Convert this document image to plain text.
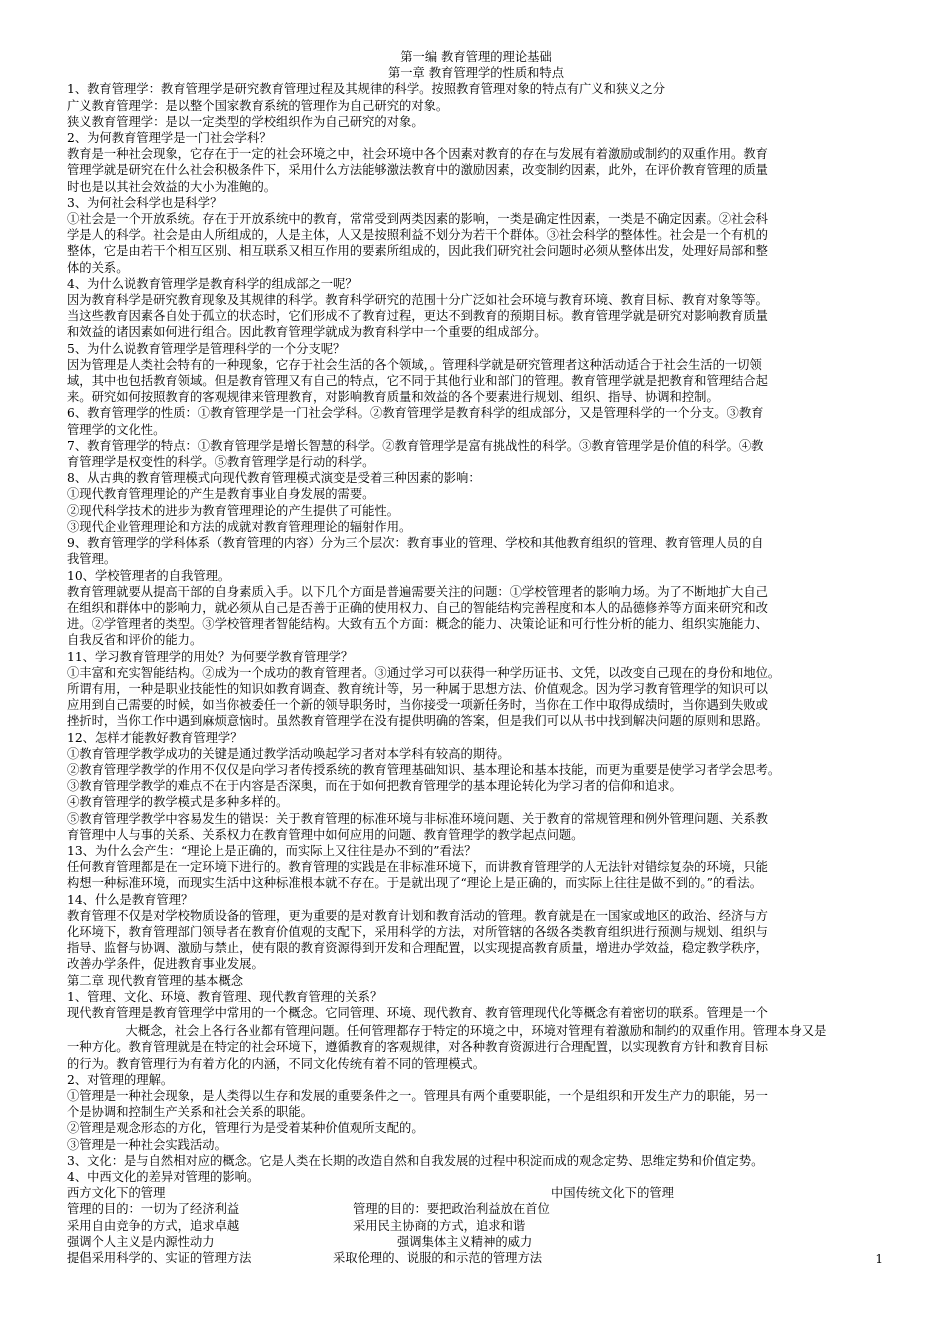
第一编 教育管理的理论基础
第一章 教育管理学的性质和特点
1、教育管理学：教育管理学是研究教育管理过程及其规律的科学。按照教育管理对象的特点有广义和狭义之分
广义教育管理学：是以整个国家教育系统的管理作为自己研究的对象。
狭义教育管理学：是以一定类型的学校组织作为自己研究的对象。
2、为何教育管理学是一门社会学科？
教育是一种社会现象，它存在于一定的社会环境之中，社会环境中各个因素对教育的存在与发展有着激励或制约的双重作用。教育
管理学就是研究在什么社会积极条件下，采用什么方法能够激法教育中的激励因素，改变制约因素，此外，在评价教育管理的质量
时也是以其社会效益的大小为准鲍的。
3、为何社会科学也是科学？
①社会是一个开放系统。存在于开放系统中的教育，常常受到两类因素的影响，一类是确定性因素，一类是不确定因素。②社会科
学是人的科学。社会是由人所组成的，人是主体，人又是按照利益不划分为若干个群体。③社会科学的整体性。社会是一个有机的
整体，它是由若干个相互区别、相互联系又相互作用的要素所组成的，因此我们研究社会问题时必须从整体出发，处理好局部和整
体的关系。
4、为什么说教育管理学是教育科学的组成部之一呢？
因为教育科学是研究教育现象及其规律的科学。教育科学研究的范围十分广泛如社会环境与教育环境、教育目标、教育对象等等。
当这些教育因素各自处于孤立的状态时，它们形成不了教育过程，更达不到教育的预期目标。教育管理学就是研究对影响教育质量
和效益的诸因素如何进行组合。因此教育管理学就成为教育科学中一个重要的组成部分。
5、为什么说教育管理学是管理科学的一个分支呢？
因为管理是人类社会特有的一种现象，它存于社会生活的各个领域，。管理科学就是研究管理者这种活动适合于社会生活的一切领
域，其中也包括教育领域。但是教育管理又有自己的特点，它不同于其他行业和部门的管理。教育管理学就是把教育和管理结合起
来。研究如何按照教育的客观规律来管理教育，对影响教育质量和效益的各个要素进行规划、组织、指导、协调和控制。
6、教育管理学的性质：①教育管理学是一门社会学科。②教育管理学是教育科学的组成部分，又是管理科学的一个分支。③教育
管理学的文化性。
7、教育管理学的特点：①教育管理学是增长智慧的科学。②教育管理学是富有挑战性的科学。③教育管理学是价值的科学。④教
育管理学是权变性的科学。⑤教育管理学是行动的科学。
8、从古典的教育管理模式向现代教育管理模式演变是受着三种因素的影响：
①现代教育管理理论的产生是教育事业自身发展的需要。
②现代科学技术的进步为教育管理理论的产生提供了可能性。
③现代企业管理理论和方法的成就对教育管理理论的辐射作用。
9、教育管理学的学科体系（教育管理的内容）分为三个层次：教育事业的管理、学校和其他教育组织的管理、教育管理人员的自
我管理。
10、学校管理者的自我管理。
教育管理就要从提高干部的自身素质入手。以下几个方面是普遍需要关注的问题：①学校管理者的影响力场。为了不断地扩大自己
在组织和群体中的影响力，就必须从自己是否善于正确的使用权力、自己的智能结构完善程度和本人的品德修养等方面来研究和改
进。②学管理者的类型。③学校管理者智能结构。大致有五个方面：概念的能力、决策论证和可行性分析的能力、组织实施能力、
自我反省和评价的能力。
11、学习教育管理学的用处？为何要学教育管理学？
①丰富和充实智能结构。②成为一个成功的教育管理者。③通过学习可以获得一种学历证书、文凭，以改变自己现在的身份和地位。
所谓有用，一种是职业技能性的知识如教育调查、教育统计等，另一种属于思想方法、价值观念。因为学习教育管理学的知识可以
应用到自己需要的时候，如当你被委任一个新的领导职务时，当你接受一项新任务时，当你在工作中取得成绩时，当你遇到失败或
挫折时，当你工作中遇到麻烦意恼时。虽然教育管理学在没有提供明确的答案，但是我们可以从书中找到解决问题的原则和思路。
12、怎样才能教好教育管理学？
①教育管理学教学成功的关键是通过教学活动唤起学习者对本学科有较高的期待。
②教育管理学教学的作用不仅仅是向学习者传授系统的教育管理基础知识、基本理论和基本技能，而更为重要是使学习者学会思考。
③教育管理学教学的难点不在于内容是否深奥，而在于如何把教育管理学的基本理论转化为学习者的信仰和追求。
④教育管理学的教学模式是多种多样的。
⑤教育管理学教学中容易发生的错误：关于教育管理的标准环境与非标准环境问题、关于教育的常规管理和例外管理问题、关系教
育管理中人与事的关系、关系权力在教育管理中如何应用的问题、教育管理学的教学起点问题。
13、为什么会产生：“理论上是正确的，而实际上又往往是办不到的”看法？
任何教育管理都是在一定环境下进行的。教育管理的实践是在非标准环境下，而讲教育管理学的人无法针对错综复杂的环境，只能
构想一种标准环境，而现实生活中这种标准根本就不存在。于是就出现了“理论上是正确的，而实际上往往是做不到的。”的看法。
14、什么是教育管理？
教育管理不仅是对学校物质设备的管理，更为重要的是对教育计划和教育活动的管理。教育就是在一国家或地区的政治、经济与方
化环境下，教育管理部门领导者在教育价值观的支配下，采用科学的方法，对所管辖的各级各类教育组织进行预测与规划、组织与
指导、监督与协调、激励与禁止，使有限的教育资源得到开发和合理配置，以实现提高教育质量，增进办学效益，稳定教学秩序，
改善办学条件，促进教育事业发展。
第二章 现代教育管理的基本概念
1、管理、文化、环境、教育管理、现代教育管理的关系？
现代教育管理是教育管理学中常用的一个概念。它同管理、环境、现代教育、教育管理现代化等概念有着密切的联系。管理是一个
大概念，社会上各行各业都有管理问题。任何管理都存于特定的环境之中，环境对管理有着激励和制约的双重作用。管理本身又是
一种方化。教育管理就是在特定的社会环境下，遵循教育的客观规律，对各种教育资源进行合理配置，以实现教育方针和教育目标
的行为。教育管理行为有着方化的内涵，不同文化传统有着不同的管理模式。
2、对管理的理解。
①管理是一种社会现象，是人类得以生存和发展的重要条件之一。管理具有两个重要职能，一个是组织和开发生产力的职能，另一
个是协调和控制生产关系和社会关系的职能。
②管理是观念形态的方化，管理行为是受着某种价值观所支配的。
③管理是一种社会实践活动。
3、文化：是与自然相对应的概念。它是人类在长期的改造自然和自我发展的过程中积淀而成的观念定势、思维定势和价值定势。
4、中西文化的差异对管理的影响。
西方文化下的管理	中国传统文化下的管理
管理的目的：一切为了经济利益	管理的目的：要把政治利益放在首位
采用自由竞争的方式，追求卓越	采用民主协商的方式，追求和谐
强调个人主义是内源性动力	强调集体主义精神的威力
提倡采用科学的、实证的管理方法	采取伦理的、说服的和示范的管理方法	1
